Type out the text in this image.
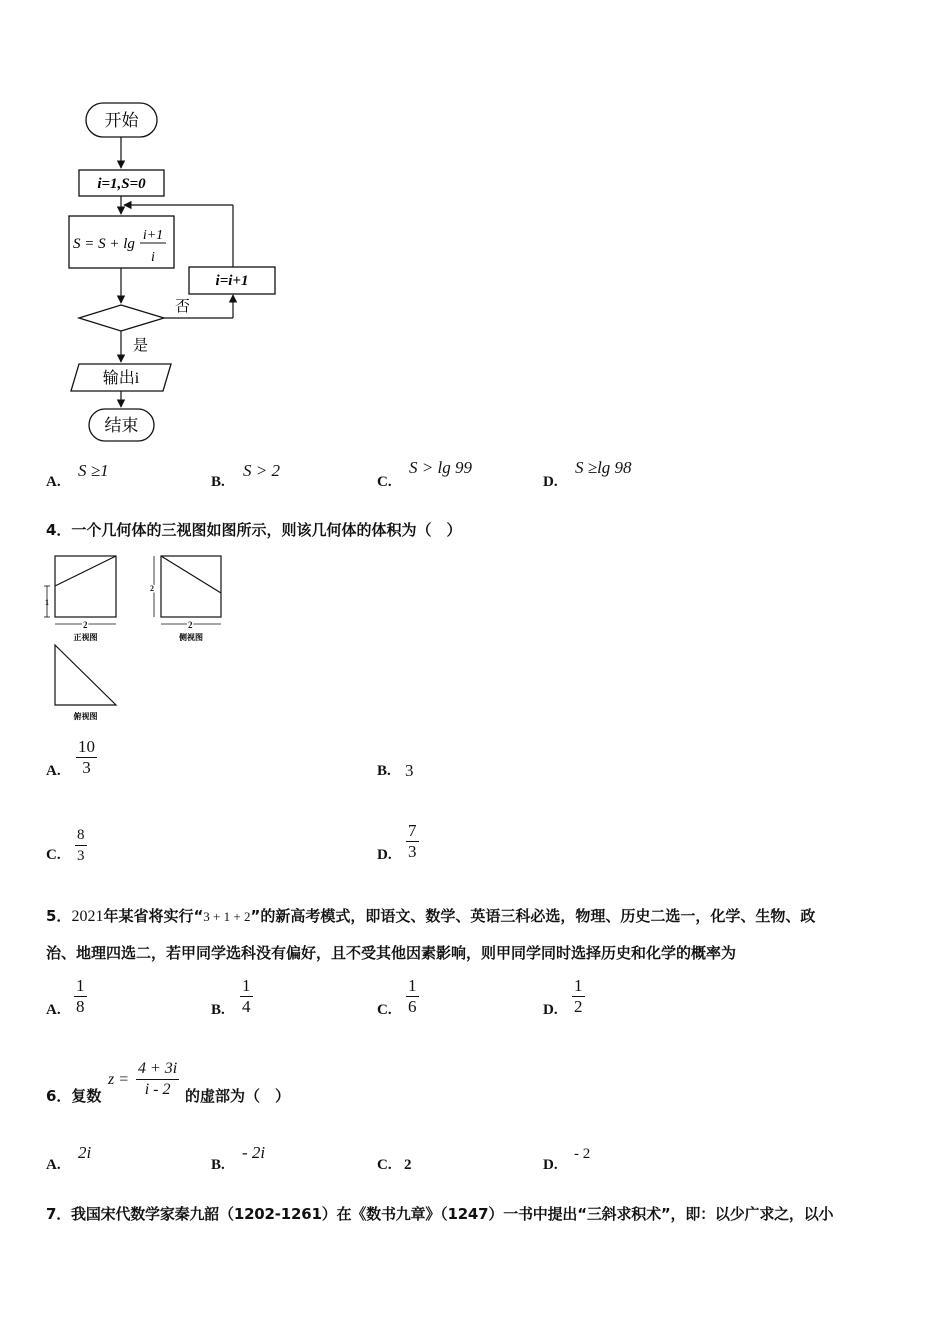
开始
i=1,S=0
S = S + lg
i+1
i
否
i=i+1
是
输出i
结束
A.
S ≥1
B.
S > 2
C.
S > lg 99
D.
S ≥lg 98
4．一个几何体的三视图如图所示，则该几何体的体积为（　）
1
2
正视图
2
2
侧视图
俯视图
A. $\frac{10}{3}$	B. 3
C. $\frac{8}{3}$	D. $\frac{7}{3}$
5．2021年某省将实行“3 + 1 + 2”的新高考模式，即语文、数学、英语三科必选，物理、历史二选一，化学、生物、政
治、地理四选二，若甲同学选科没有偏好，且不受其他因素影响，则甲同学同时选择历史和化学的概率为
A. $\frac{1}{8}$	B. $\frac{1}{4}$	C. $\frac{1}{6}$	D. $\frac{1}{2}$
6．复数
$z = \frac{4 + 3i}{i - 2}$ 的虚部为（　）
A.
2i
B.
- 2i
C. 2	D.
- 2
7．我国宋代数学家秦九韶（1202-1261）在《数书九章》（1247）一书中提出“三斜求积术”，即：以少广求之，以小
